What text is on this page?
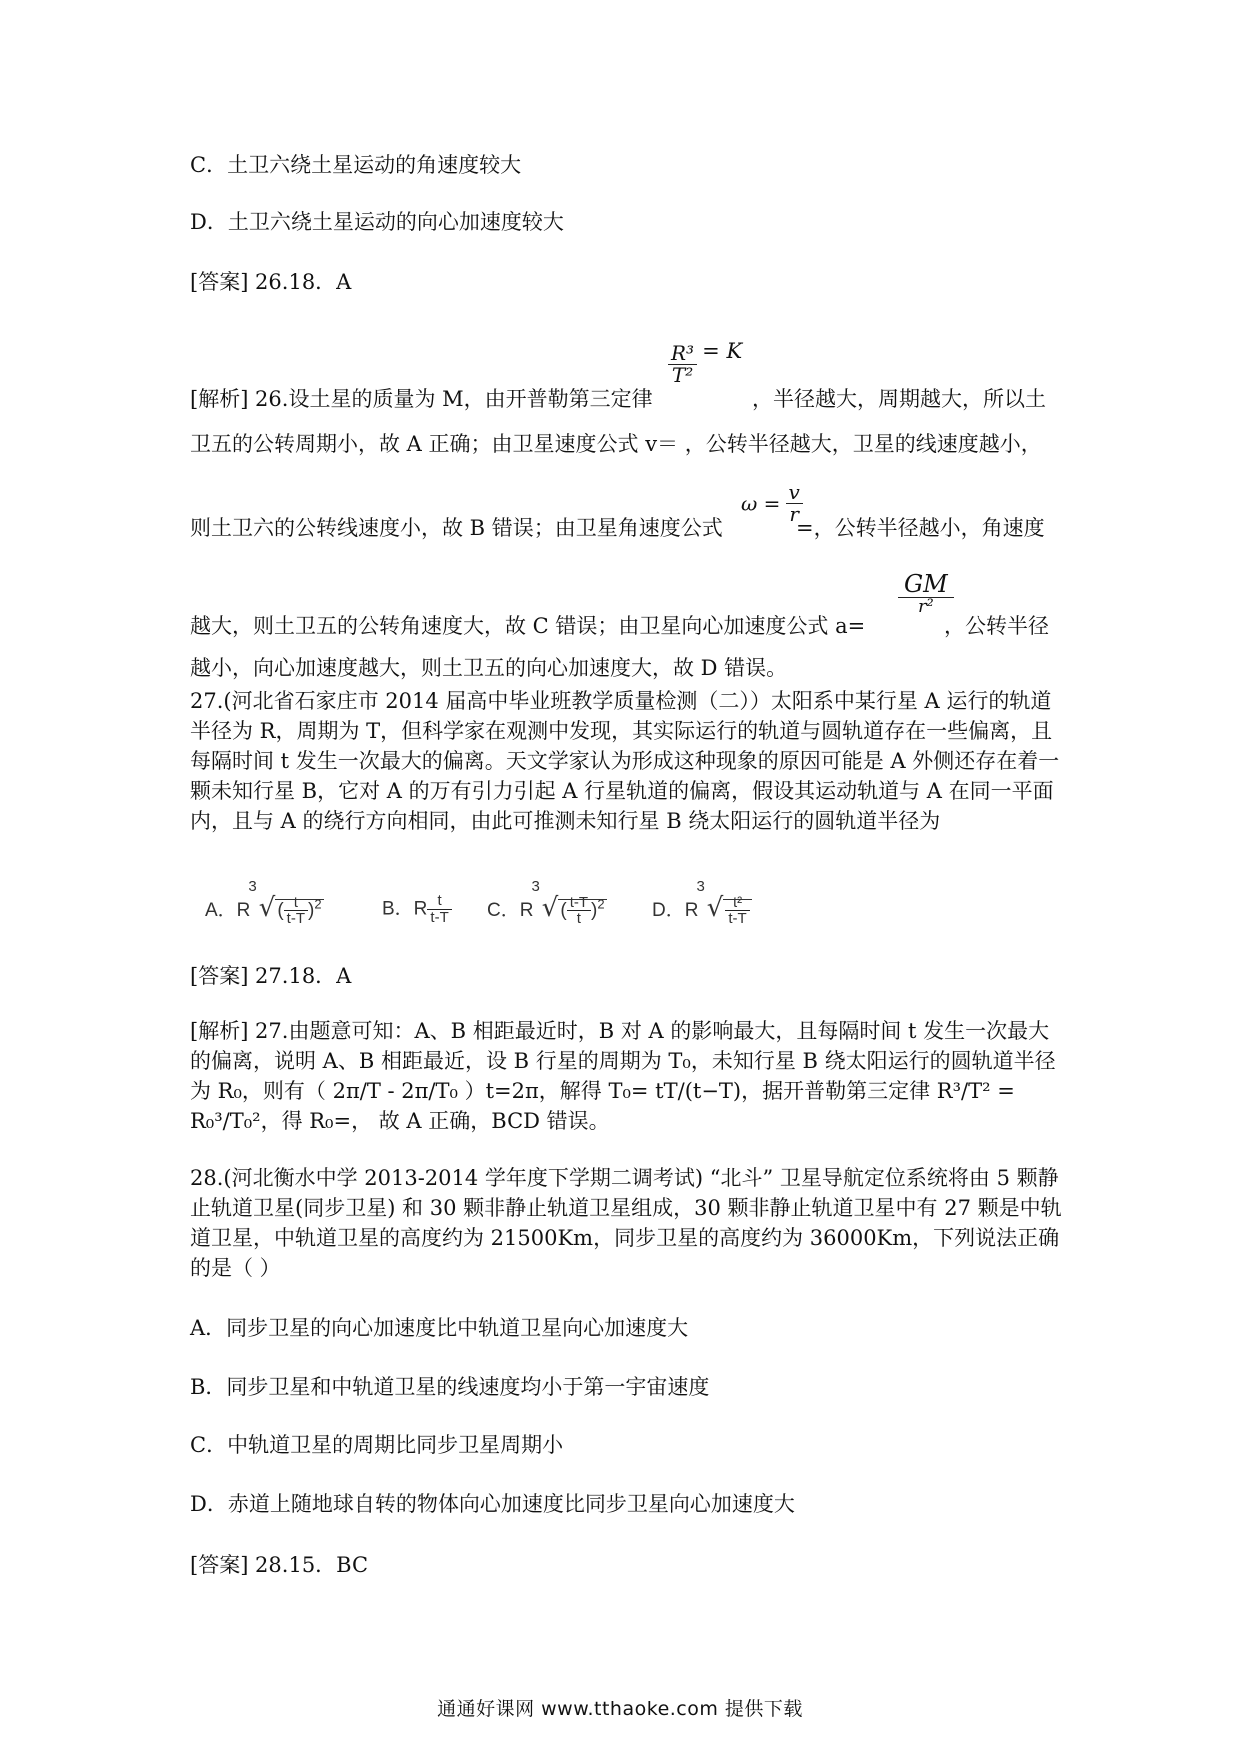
C．土卫六绕土星运动的角速度较大
D．土卫六绕土星运动的向心加速度较大
[答案] 26.18．A
$\frac{\text{R³}}{\text{T²}} = K$
[解析] 26.设土星的质量为 M，由开普勒第三定律	，半径越大，周期越大，所以土
卫五的公转周期小，故 A 正确；由卫星速度公式 v＝ ，公转半径越大，卫星的线速度越小，
$\omega = \frac{v}{r}$
则土卫六的公转线速度小，故 B 错误；由卫星角速度公式	=，公转半径越小，角速度
$\frac{GM}{\text{r²}}$
越大，则土卫五的公转角速度大，故 C 错误；由卫星向心加速度公式 a=	，公转半径
越小，向心加速度越大，则土卫五的向心加速度大，故 D 错误。
27.(河北省石家庄市 2014 届高中毕业班教学质量检测（二））太阳系中某行星 A 运行的轨道半径为 R，周期为 T，但科学家在观测中发现，其实际运行的轨道与圆轨道存在一些偏离，且每隔时间 t 发生一次最大的偏离。天文学家认为形成这种现象的原因可能是 A 外侧还存在着一颗未知行星 B，它对 A 的万有引力引起 A 行星轨道的偏离，假设其运动轨道与 A 在同一平面内，且与 A 的绕行方向相同，由此可推测未知行星 B 绕太阳运行的圆轨道半径为
A．$R^3√$ ( $\frac{t}{t-T} )^2$	B．R $\frac{t}{t-T}$ C．$R^3√$ ( $\frac{t-T}{t} )^2$ D．$R^3√ \frac{\text{t²}}{t-T}$
[答案] 27.18．A
[解析] 27.由题意可知：A、B 相距最近时，B 对 A 的影响最大，且每隔时间 t 发生一次最大的偏离，说明 A、B 相距最近，设 B 行星的周期为 T₀，未知行星 B 绕太阳运行的圆轨道半径为 R₀，则有（ 2π/T - 2π/T₀ ）t=2π，解得 T₀= tT/(t−T)，据开普勒第三定律 R³/T² = R₀³/T₀²，得 R₀=， 故 A 正确，BCD 错误。
28.(河北衡水中学 2013-2014 学年度下学期二调考试) “北斗” 卫星导航定位系统将由 5 颗静止轨道卫星(同步卫星) 和 30 颗非静止轨道卫星组成，30 颗非静止轨道卫星中有 27 颗是中轨道卫星，中轨道卫星的高度约为 21500Km，同步卫星的高度约为 36000Km，下列说法正确的是（ ）
A．同步卫星的向心加速度比中轨道卫星向心加速度大
B．同步卫星和中轨道卫星的线速度均小于第一宇宙速度
C．中轨道卫星的周期比同步卫星周期小
D．赤道上随地球自转的物体向心加速度比同步卫星向心加速度大
[答案] 28.15．BC
通通好课网 www.tthaoke.com 提供下载
